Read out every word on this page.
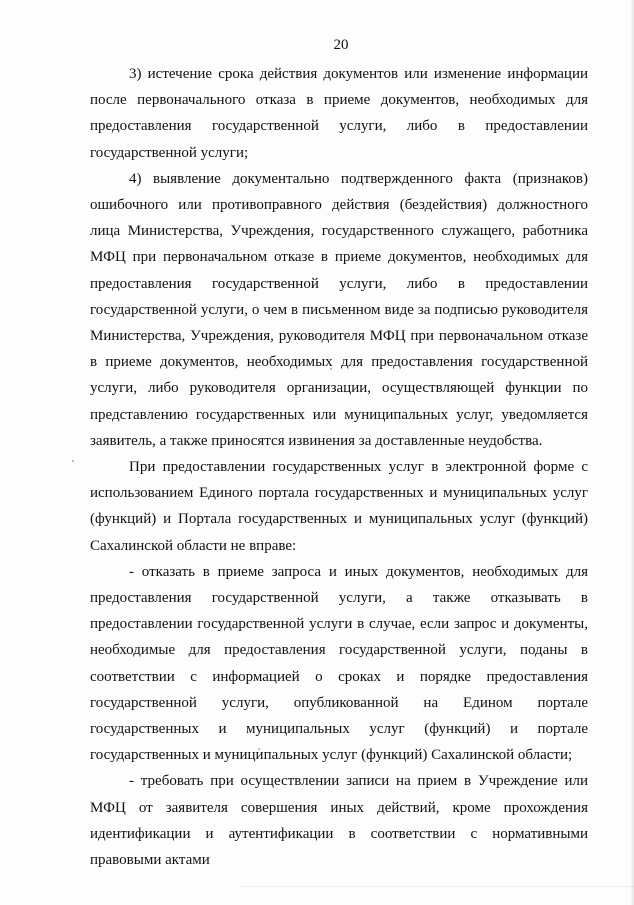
20

3) истечение срока действия документов или изменение информации после первоначального отказа в приеме документов, необходимых для предоставления государственной услуги, либо в предоставлении государственной услуги;

4) выявление документально подтвержденного факта (признаков) ошибочного или противоправного действия (бездействия) должностного лица Министерства, Учреждения, государственного служащего, работника МФЦ при первоначальном отказе в приеме документов, необходимых для предоставления государственной услуги, либо в предоставлении государственной услуги, о чем в письменном виде за подписью руководителя Министерства, Учреждения, руководителя МФЦ при первоначальном отказе в приеме документов, необходимых для предоставления государственной услуги, либо руководителя организации, осуществляющей функции по представлению государственных или муниципальных услуг, уведомляется заявитель, а также приносятся извинения за доставленные неудобства.

При предоставлении государственных услуг в электронной форме с использованием Единого портала государственных и муниципальных услуг (функций) и Портала государственных и муниципальных услуг (функций) Сахалинской области не вправе:

- отказать в приеме запроса и иных документов, необходимых для предоставления государственной услуги, а также отказывать в предоставлении государственной услуги в случае, если запрос и документы, необходимые для предоставления государственной услуги, поданы в соответствии с информацией о сроках и порядке предоставления государственной услуги, опубликованной на Едином портале государственных и муниципальных услуг (функций) и портале государственных и муниципальных услуг (функций) Сахалинской области;

- требовать при осуществлении записи на прием в Учреждение или МФЦ от заявителя совершения иных действий, кроме прохождения идентификации и аутентификации в соответствии с нормативными правовыми актами
